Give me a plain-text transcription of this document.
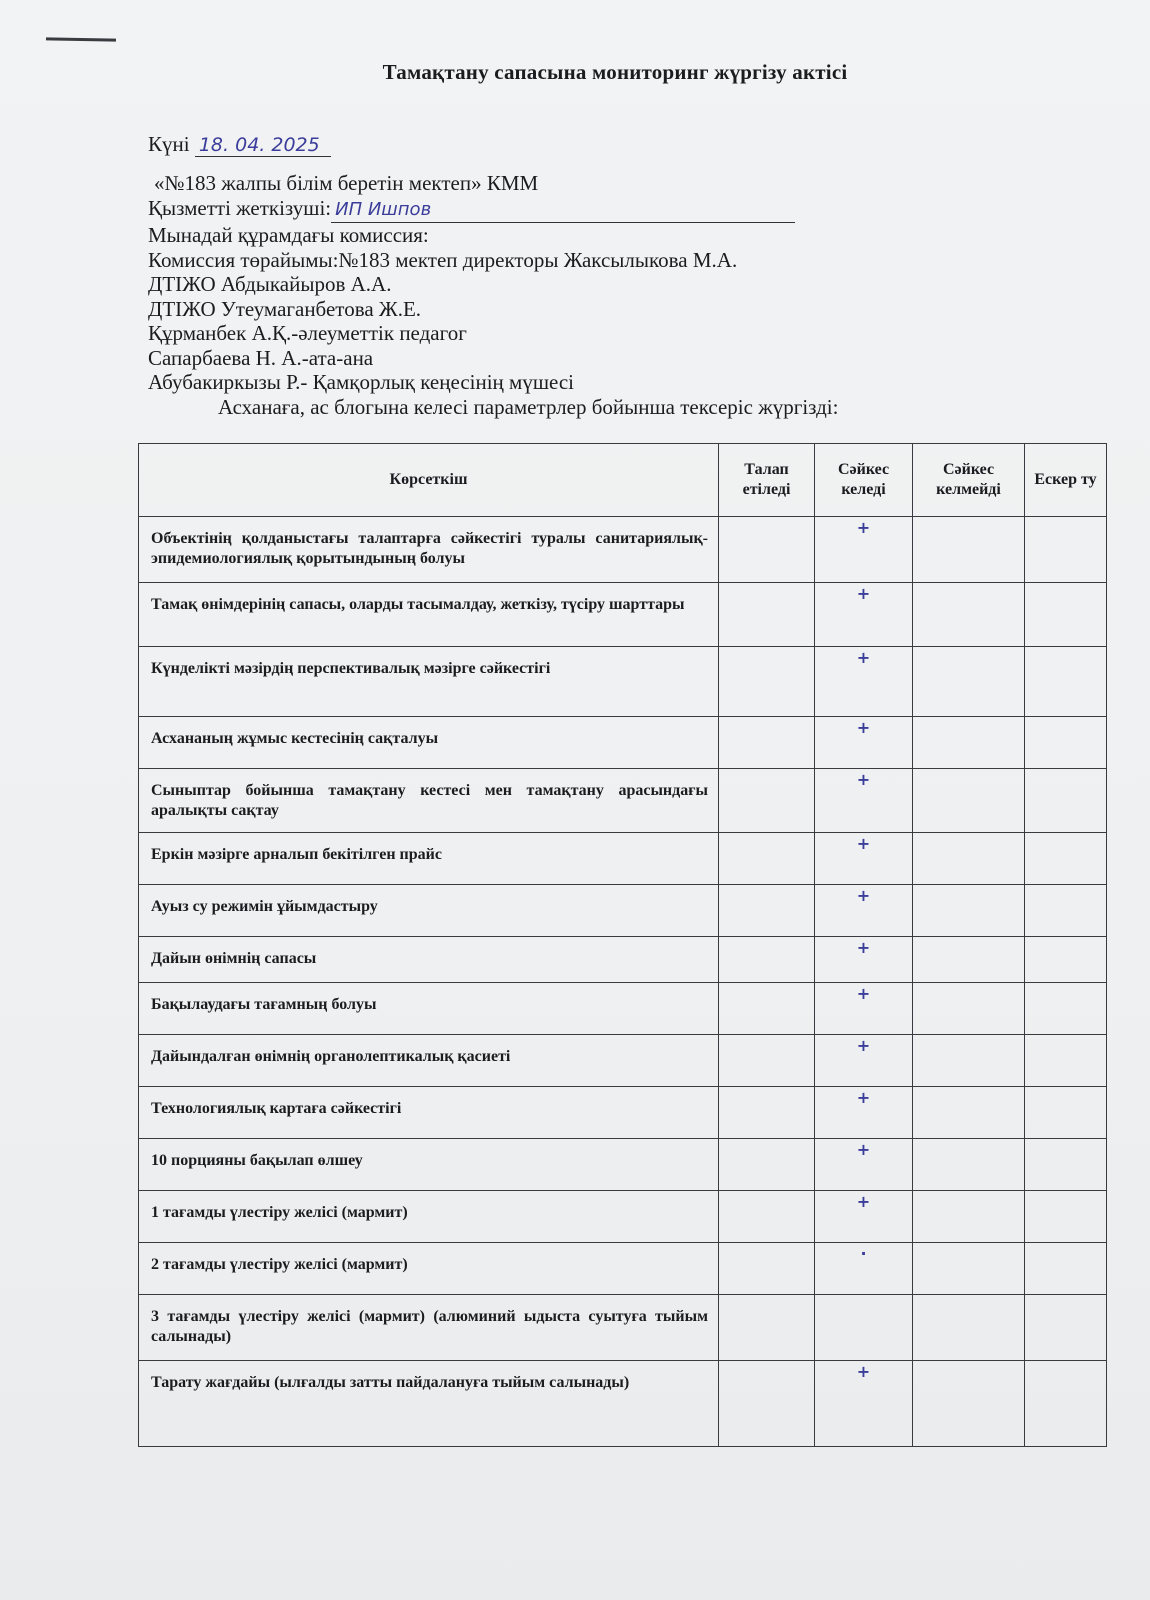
Тамақтану сапасына мониторинг жүргізу актісі
Күні 18. 04. 2025
«№183 жалпы білім беретін мектеп» КММ
Қызметті жеткізуші: ИП Ишпов
Мынадай құрамдағы комиссия:
Комиссия төрайымы:№183 мектеп директоры Жаксылыкова М.А.
ДТІЖО Абдыкайыров А.А.
ДТІЖО Утеумаганбетова Ж.Е.
Құрманбек А.Қ.-әлеуметтік педагог
Сапарбаева Н. А.-ата-ана
Абубакиркызы Р.- Қамқорлық кеңесінің мүшесі
Асханаға, ас блогына келесі параметрлер бойынша тексеріс жүргізді:
Көрсеткіш	Талап етіледі	Сәйкес келеді	Сәйкес келмейді	Ескер ту
Объектінің қолданыстағы талаптарға сәйкестігі туралы санитариялық-эпидемиологиялық қорытындының болуы		+		
Тамақ өнімдерінің сапасы, оларды тасымалдау, жеткізу, түсіру шарттары		+		
Күнделікті мәзірдің перспективалық мәзірге сәйкестігі		+		
Асхананың жұмыс кестесінің сақталуы		+		
Сыныптар бойынша тамақтану кестесі мен тамақтану арасындағы аралықты сақтау		+		
Еркін мәзірге арналып бекітілген прайс		+		
Ауыз су режимін ұйымдастыру		+		
Дайын өнімнің сапасы		+		
Бақылаудағы тағамның болуы		+		
Дайындалған өнімнің органолептикалық қасиеті		+		
Технологиялық картаға сәйкестігі		+		
10 порцияны бақылап өлшеу		+		
1 тағамды үлестіру желісі (мармит)		+		
2 тағамды үлестіру желісі (мармит)		·		
3 тағамды үлестіру желісі (мармит) (алюминий ыдыста суытуға тыйым салынады)				
Тарату жағдайы (ылғалды затты пайдалануға тыйым салынады)		+		
